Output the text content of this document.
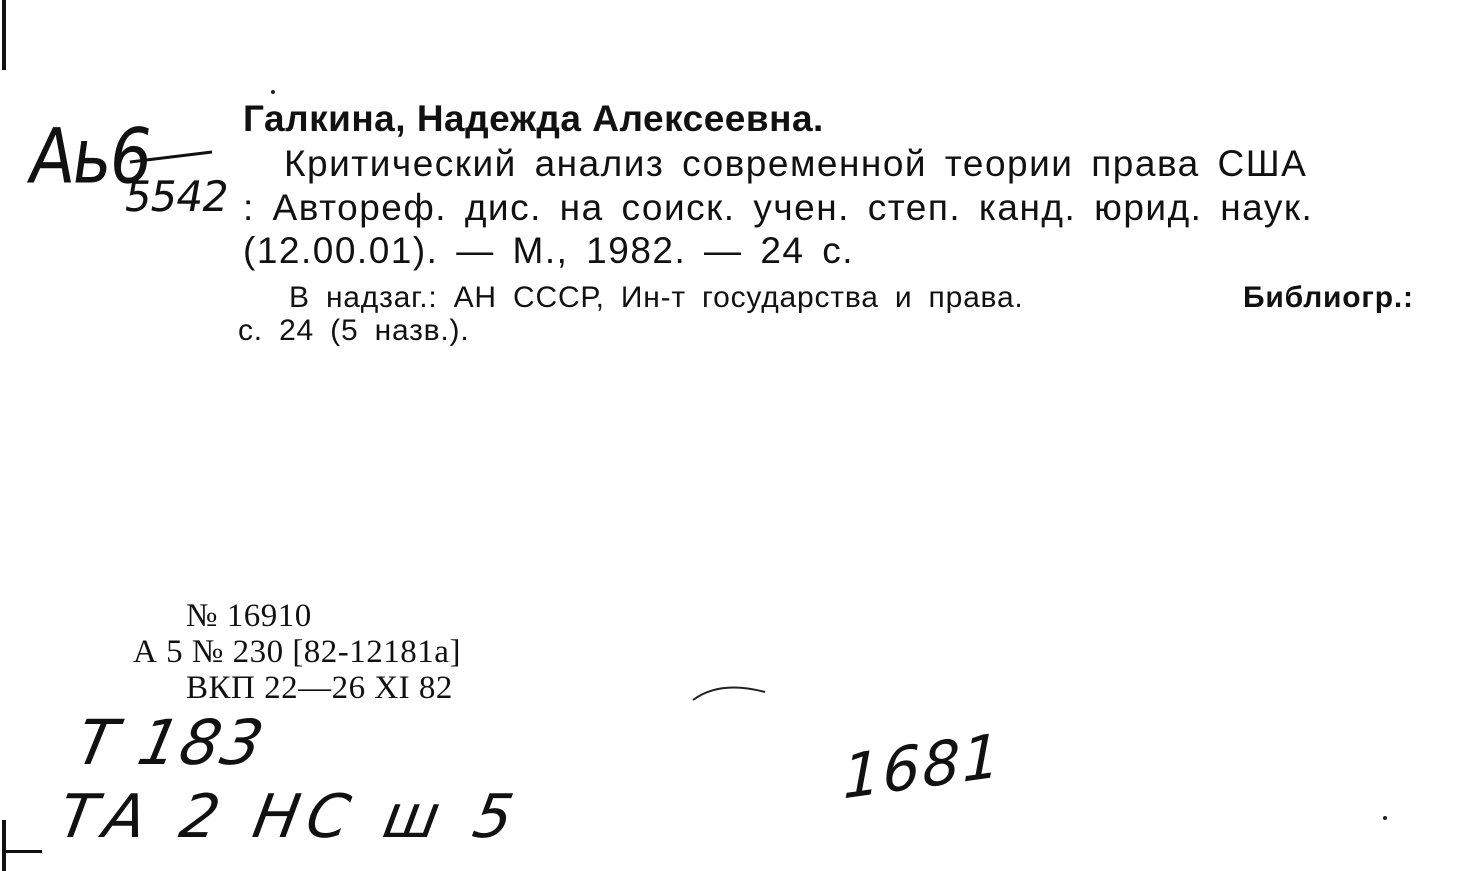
Галкина, Надежда Алексеевна.
Критический анализ современной теории права США
: Автореф. дис. на соиск. учен. степ. канд. юрид. наук.
(12.00.01). — М., 1982. — 24 с.
В надзаг.: АН СССР, Ин-т государства и права.	Библиогр.:
с. 24 (5 назв.).
№ 16910
А 5 № 230 [82-12181а]
ВКП 22—26 XI 82
Аь6
5542
Т 183
ТА 2 НС ш 5
1681
